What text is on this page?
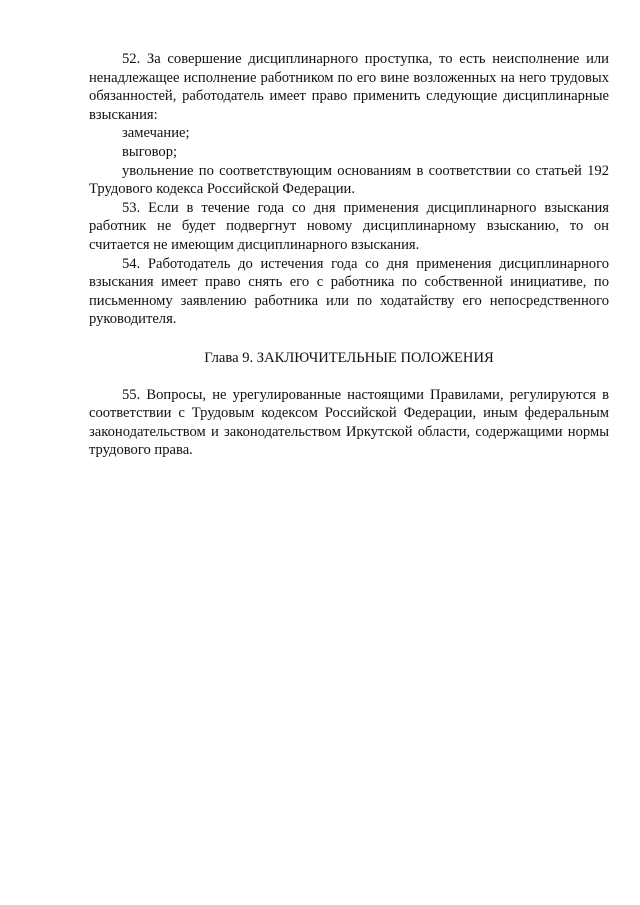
52. За совершение дисциплинарного проступка, то есть неисполнение или ненадлежащее исполнение работником по его вине возложенных на него трудовых обязанностей, работодатель имеет право применить следующие дисциплинарные взыскания:

замечание;

выговор;

увольнение по соответствующим основаниям в соответствии со статьей 192 Трудового кодекса Российской Федерации.

53. Если в течение года со дня применения дисциплинарного взыскания работник не будет подвергнут новому дисциплинарному взысканию, то он считается не имеющим дисциплинарного взыскания.

54. Работодатель до истечения года со дня применения дисциплинарного взыскания имеет право снять его с работника по собственной инициативе, по письменному заявлению работника или по ходатайству его непосредственного руководителя.

Глава 9. ЗАКЛЮЧИТЕЛЬНЫЕ ПОЛОЖЕНИЯ

55. Вопросы, не урегулированные настоящими Правилами, регулируются в соответствии с Трудовым кодексом Российской Федерации, иным федеральным законодательством и законодательством Иркутской области, содержащими нормы трудового права.
